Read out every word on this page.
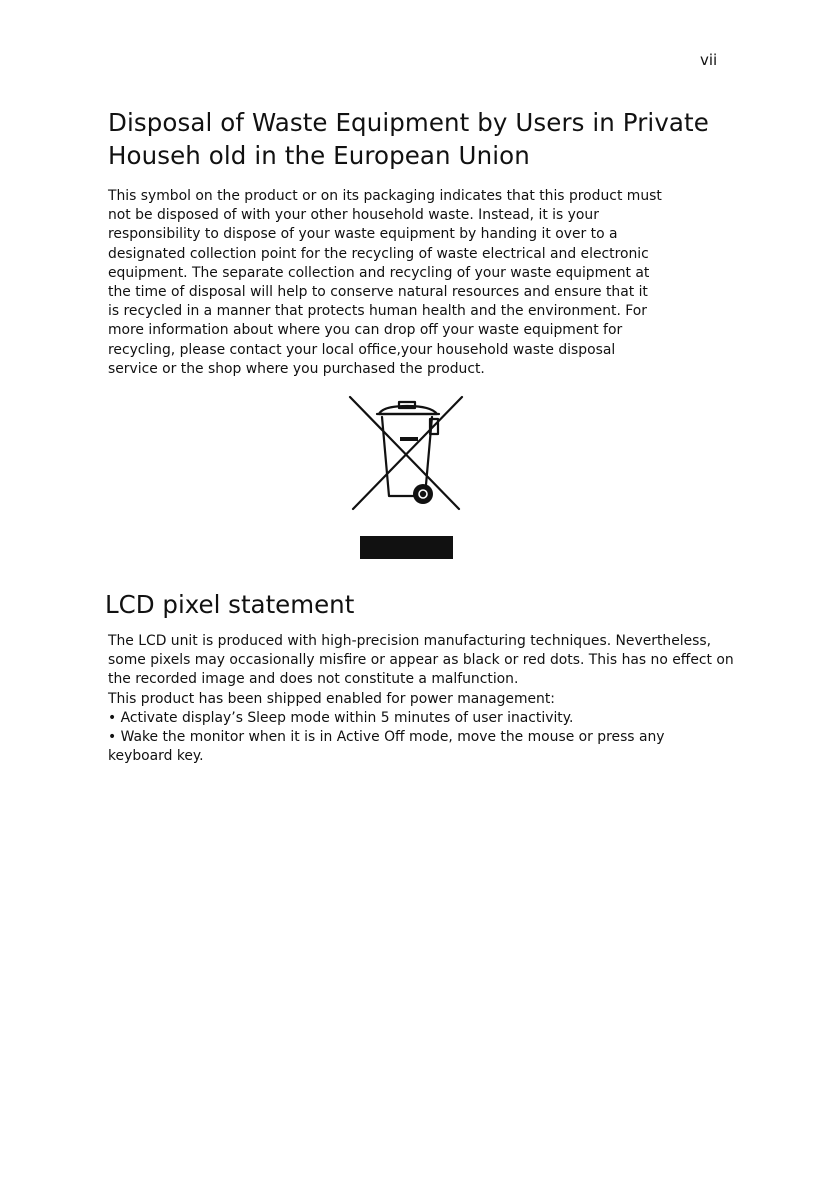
vii
Disposal of Waste Equipment by Users in Private
Househ old in the European Union
This symbol on the product or on its packaging indicates that this product must
not be disposed of with your other household waste. Instead, it is your
responsibility to dispose of your waste equipment by handing it over to a
designated collection point for the recycling of waste electrical and electronic
equipment. The separate collection and recycling of your waste equipment at
the time of disposal will help to conserve natural resources and ensure that it
is recycled in a manner that protects human health and the environment. For
more information about where you can drop off your waste equipment for
recycling, please contact your local office,your household waste disposal
service or the shop where you purchased the product.
LCD pixel statement
The LCD unit is produced with high-precision manufacturing techniques. Nevertheless,
some pixels may occasionally misfire or appear as black or red dots. This has no effect on
the recorded image and does not constitute a malfunction.
This product has been shipped enabled for power management:
• Activate display’s Sleep mode within 5 minutes of user inactivity.
• Wake the monitor when it is in Active Off mode, move the mouse or press any
keyboard key.
